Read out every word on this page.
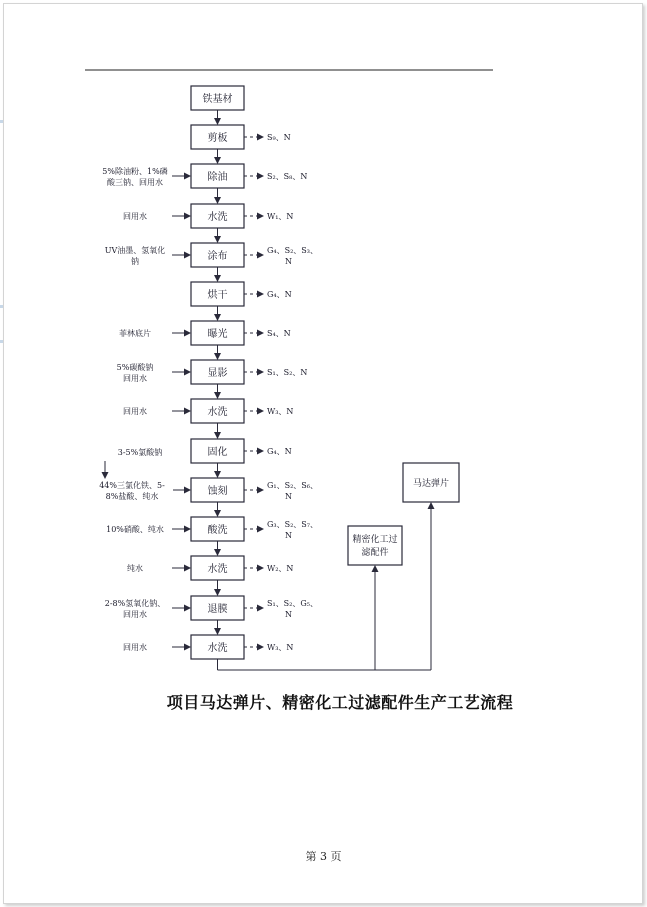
铁基材
剪板	S₉、N
除油	S₂、S₈、N
5%除油粉、1%磷
酸三钠、回用水
水洗	W₁、N
回用水
涂布
G₄、S₂、S₃、
N
UV油墨、氢氧化
钠
烘干	G₄、N
曝光	S₄、N
菲林底片
显影	S₁、S₂、N
5%碳酸钠
回用水
水洗	W₃、N
回用水
固化	G₄、N
3-5%氯酸钠
蚀刻
G₁、S₂、S₆、
N
44%三氯化铁、5-
8%盐酸、纯水
酸洗
G₃、S₂、S₇、
N
10%硝酸、纯水
水洗	W₂、N
纯水
退膜
S₁、S₂、G₅、
N
2-8%氢氧化钠、
回用水
水洗	W₃、N
回用水
精密化工过
滤配件
马达弹片
项目马达弹片、精密化工过滤配件生产工艺流程
第 3 页
